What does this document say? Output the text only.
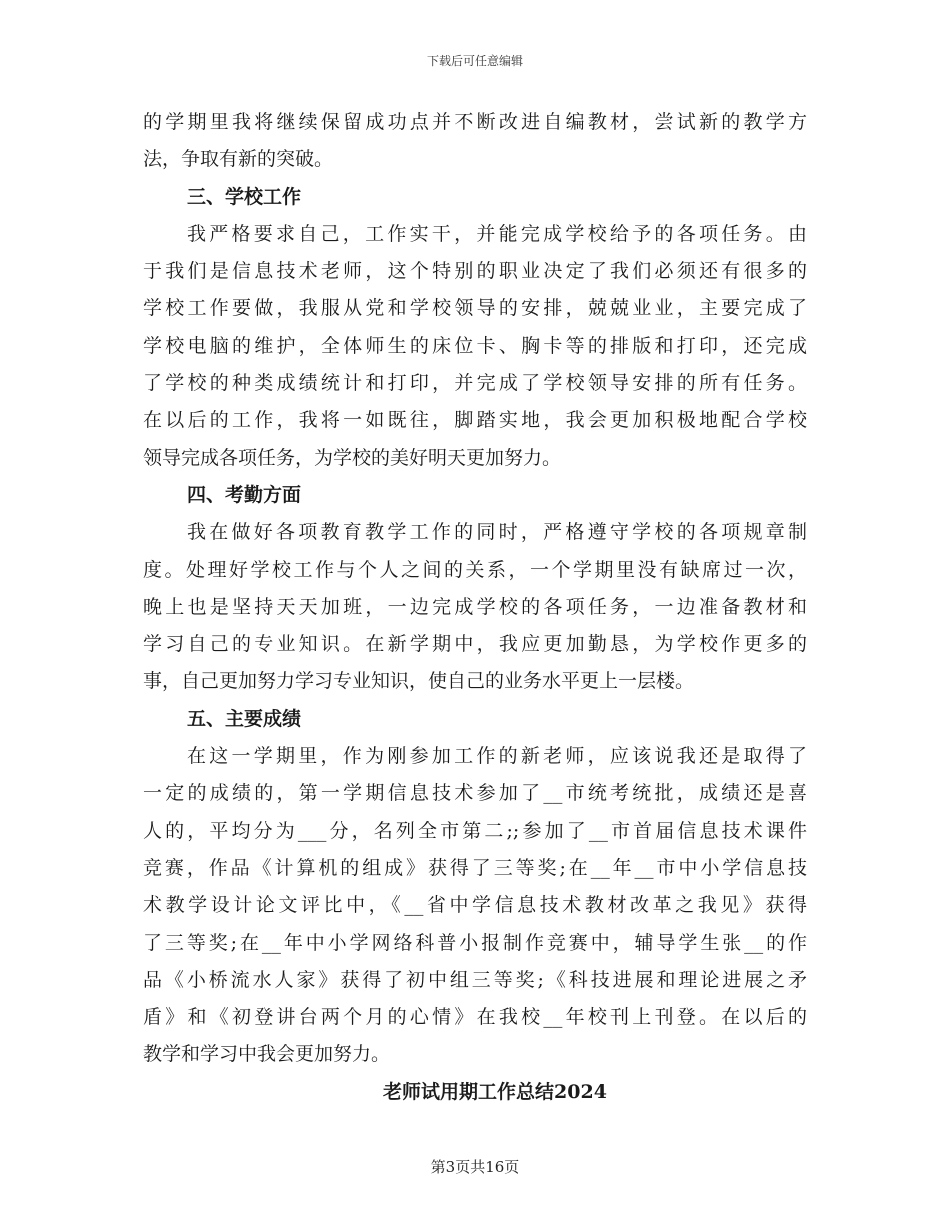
下载后可任意编辑
的学期里我将继续保留成功点并不断改进自编教材，尝试新的教学方
法，争取有新的突破。
三、学校工作
我严格要求自己，工作实干，并能完成学校给予的各项任务。由
于我们是信息技术老师，这个特别的职业决定了我们必须还有很多的
学校工作要做，我服从党和学校领导的安排，兢兢业业，主要完成了
学校电脑的维护，全体师生的床位卡、胸卡等的排版和打印，还完成
了学校的种类成绩统计和打印，并完成了学校领导安排的所有任务。
在以后的工作，我将一如既往，脚踏实地，我会更加积极地配合学校
领导完成各项任务，为学校的美好明天更加努力。
四、考勤方面
我在做好各项教育教学工作的同时，严格遵守学校的各项规章制
度。处理好学校工作与个人之间的关系，一个学期里没有缺席过一次，
晚上也是坚持天天加班，一边完成学校的各项任务，一边准备教材和
学习自己的专业知识。在新学期中，我应更加勤恳，为学校作更多的
事，自己更加努力学习专业知识，使自己的业务水平更上一层楼。
五、主要成绩
在这一学期里，作为刚参加工作的新老师，应该说我还是取得了
一定的成绩的，第一学期信息技术参加了__市统考统批，成绩还是喜
人的，平均分为___分，名列全市第二;;参加了__市首届信息技术课件
竞赛，作品《计算机的组成》获得了三等奖;在__年__市中小学信息技
术教学设计论文评比中，《__省中学信息技术教材改革之我见》获得
了三等奖;在__年中小学网络科普小报制作竞赛中，辅导学生张__的作
品《小桥流水人家》获得了初中组三等奖;《科技进展和理论进展之矛
盾》和《初登讲台两个月的心情》在我校__年校刊上刊登。在以后的
教学和学习中我会更加努力。
老师试用期工作总结2024
第3页共16页
